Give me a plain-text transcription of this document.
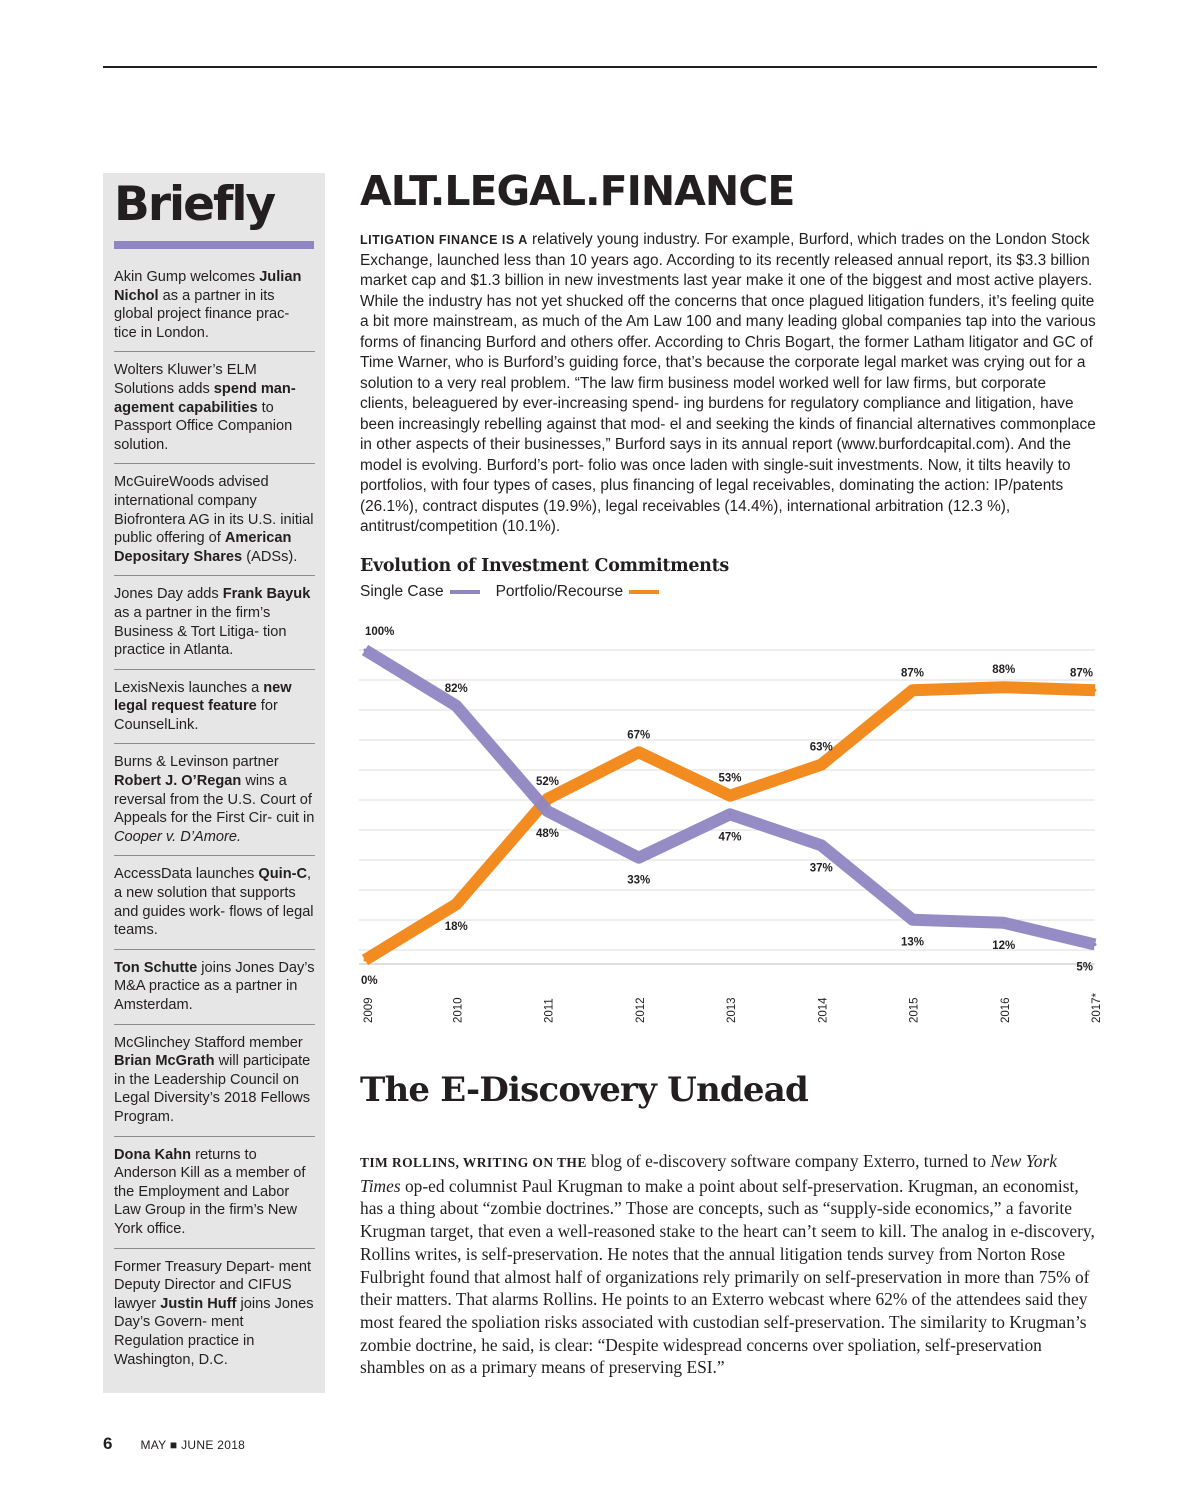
Briefly
Akin Gump welcomes Julian Nichol as a partner in its global project finance prac- tice in London.
Wolters Kluwer’s ELM Solutions adds spend man- agement capabilities to Passport Office Companion solution.
McGuireWoods advised international company Biofrontera AG in its U.S. initial public offering of American Depositary Shares (ADSs).
Jones Day adds Frank Bayuk as a partner in the firm’s Business & Tort Litiga- tion practice in Atlanta.
LexisNexis launches a new legal request feature for CounselLink.
Burns & Levinson partner Robert J. O’Regan wins a reversal from the U.S. Court of Appeals for the First Cir- cuit in Cooper v. D’Amore.
AccessData launches Quin-C, a new solution that supports and guides work- flows of legal teams.
Ton Schutte joins Jones Day’s M&A practice as a partner in Amsterdam.
McGlinchey Stafford member Brian McGrath will participate in the Leadership Council on Legal Diversity’s 2018 Fellows Program.
Dona Kahn returns to Anderson Kill as a member of the Employment and Labor Law Group in the firm’s New York office.
Former Treasury Depart- ment Deputy Director and CIFUS lawyer Justin Huff joins Jones Day’s Govern- ment Regulation practice in Washington, D.C.
ALT.LEGAL.FINANCE

LITIGATION FINANCE IS A relatively young industry. For example, Burford, which trades on the London Stock Exchange, launched less than 10 years ago. According to its recently released annual report, its $3.3 billion market cap and $1.3 billion in new investments last year make it one of the biggest and most active players. While the industry has not yet shucked off the concerns that once plagued litigation funders, it’s feeling quite a bit more mainstream, as much of the Am Law 100 and many leading global companies tap into the various forms of financing Burford and others offer. According to Chris Bogart, the former Latham litigator and GC of Time Warner, who is Burford’s guiding force, that’s because the corporate legal market was crying out for a solution to a very real problem. “The law firm business model worked well for law firms, but corporate clients, beleaguered by ever-increasing spend- ing burdens for regulatory compliance and litigation, have been increasingly rebelling against that mod- el and seeking the kinds of financial alternatives commonplace in other aspects of their businesses,” Burford says in its annual report (www.burfordcapital.com). And the model is evolving. Burford’s port- folio was once laden with single-suit investments. Now, it tilts heavily to portfolios, with four types of cases, plus financing of legal receivables, dominating the action: IP/patents (26.1%), contract disputes (19.9%), legal receivables (14.4%), international arbitration (12.3 %), antitrust/competition (10.1%).

Evolution of Investment Commitments
Single Case	Portfolio/Recourse
The E-Discovery Undead

TIM ROLLINS, WRITING ON THE blog of e-discovery software company Exterro, turned to New York Times op-ed columnist Paul Krugman to make a point about self-preservation. Krugman, an economist, has a thing about “zombie doctrines.” Those are concepts, such as “supply-side economics,” a favorite Krugman target, that even a well-reasoned stake to the heart can’t seem to kill. The analog in e-discovery, Rollins writes, is self-preservation. He notes that the annual litigation tends survey from Norton Rose Fulbright found that almost half of organizations rely primarily on self-preservation in more than 75% of their matters. That alarms Rollins. He points to an Exterro webcast where 62% of the attendees said they most feared the spoliation risks associated with custodian self-preservation. The similarity to Krugman’s zombie doctrine, he said, is clear: “Despite widespread concerns over spoliation, self-preservation shambles on as a primary means of preserving ESI.”

100%
0%
82%
48%
33%
47%
37%
13%	12%
5%
18%
52%
67%
53%
63%
87%	88%	87%
2009	2010	2011	2012	2013	2014	2015	2016	2017*
6 MAY ■ JUNE 2018
